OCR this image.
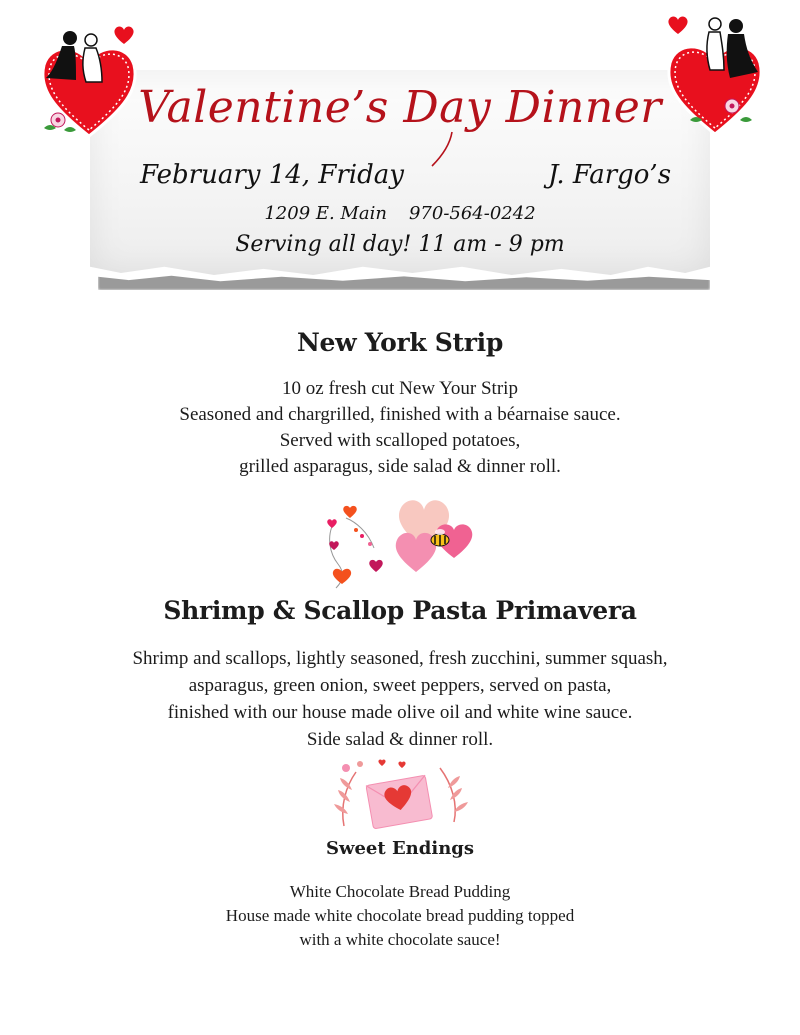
Valentine’s Day Dinner
February 14, Friday	J. Fargo’s
1209 E. Main 970-564-0242
Serving all day! 11 am - 9 pm
New York Strip
10 oz fresh cut New Your Strip
Seasoned and chargrilled, finished with a béarnaise sauce.
Served with scalloped potatoes,
grilled asparagus, side salad & dinner roll.
Shrimp & Scallop Pasta Primavera
Shrimp and scallops, lightly seasoned, fresh zucchini, summer squash,
asparagus, green onion, sweet peppers, served on pasta,
finished with our house made olive oil and white wine sauce.
Side salad & dinner roll.
Sweet Endings
White Chocolate Bread Pudding
House made white chocolate bread pudding topped
with a white chocolate sauce!
